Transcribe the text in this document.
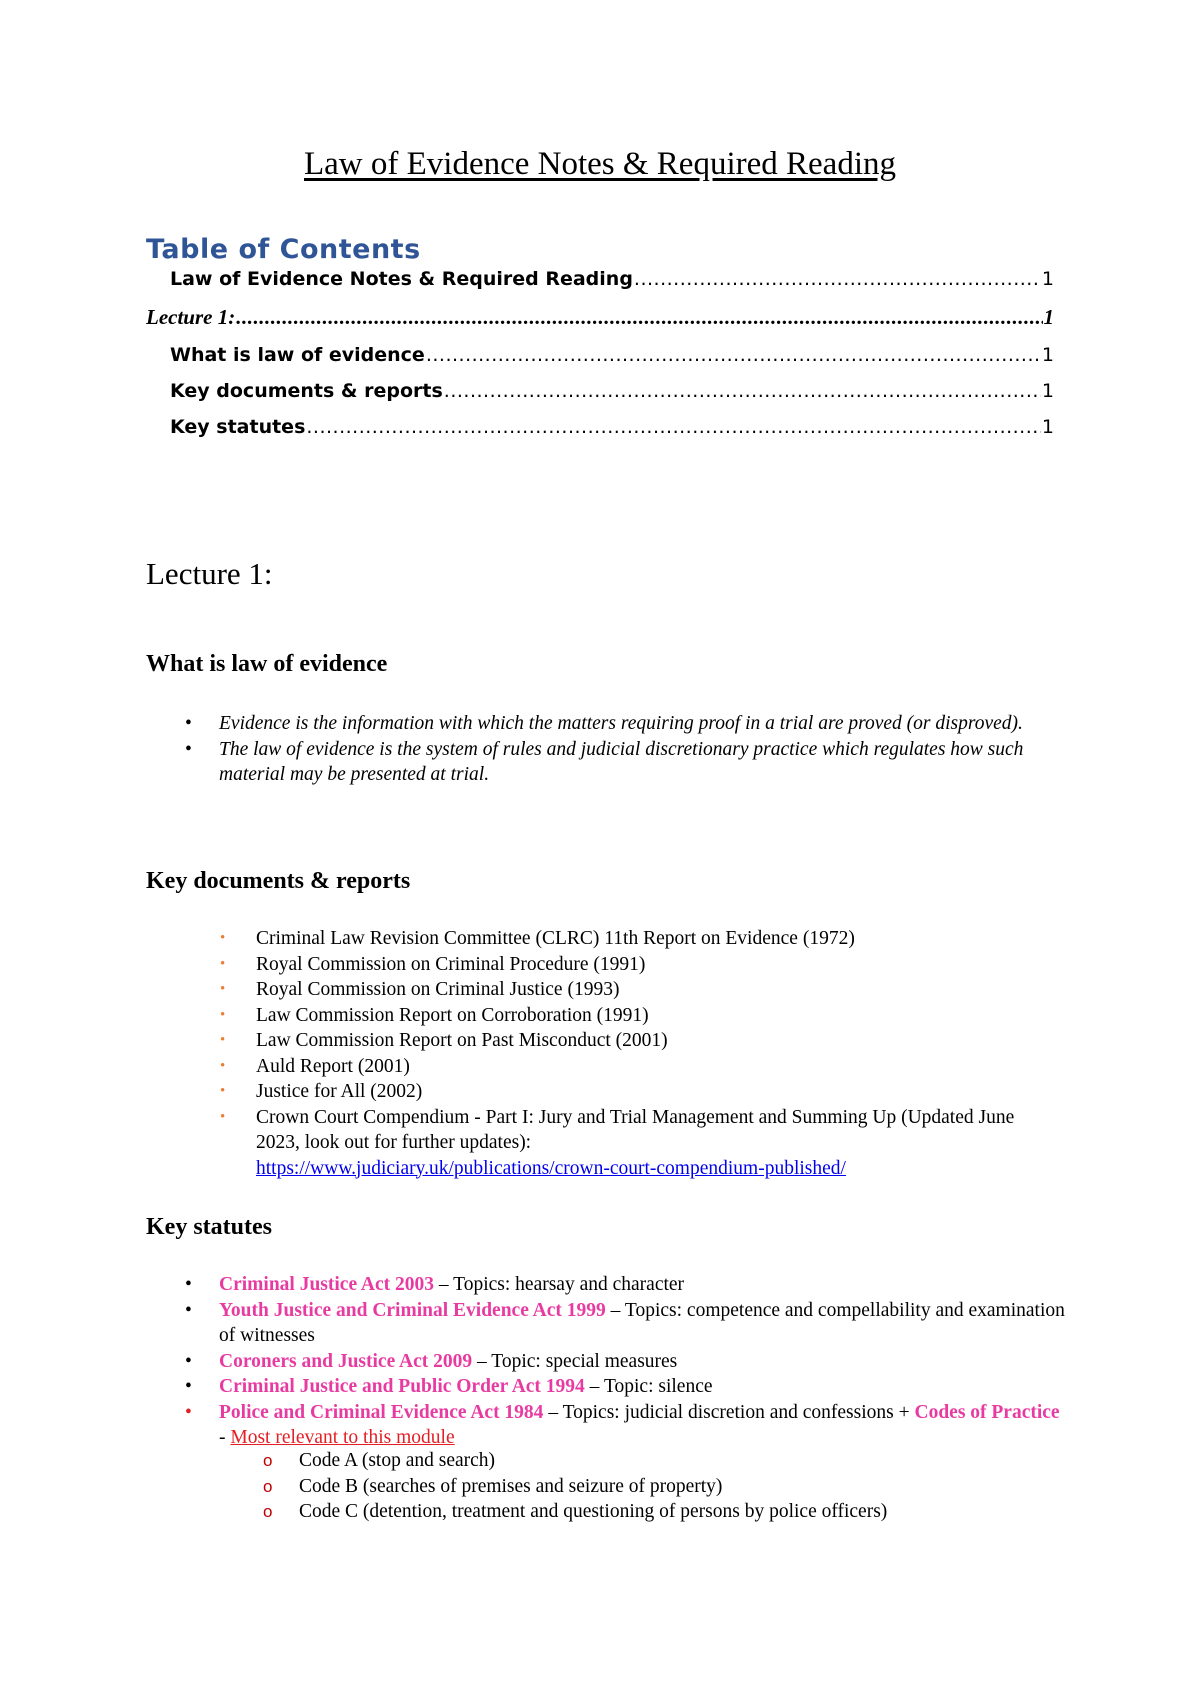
Law of Evidence Notes & Required Reading
Table of Contents
Law of Evidence Notes & Required Reading .....	1
Lecture 1: .....	1
What is law of evidence .....	1
Key documents & reports .....	1
Key statutes .....	1
Lecture 1:
What is law of evidence
• Evidence is the information with which the matters requiring proof in a trial are proved (or disproved).
• The law of evidence is the system of rules and judicial discretionary practice which regulates how such material may be presented at trial.
Key documents & reports
• Criminal Law Revision Committee (CLRC) 11th Report on Evidence (1972)
• Royal Commission on Criminal Procedure (1991)
• Royal Commission on Criminal Justice (1993)
• Law Commission Report on Corroboration (1991)
• Law Commission Report on Past Misconduct (2001)
• Auld Report (2001)
• Justice for All (2002)
• Crown Court Compendium - Part I: Jury and Trial Management and Summing Up (Updated June 2023, look out for further updates):
https://www.judiciary.uk/publications/crown-court-compendium-published/
Key statutes
• Criminal Justice Act 2003 – Topics: hearsay and character
• Youth Justice and Criminal Evidence Act 1999 – Topics: competence and compellability and examination of witnesses
• Coroners and Justice Act 2009 – Topic: special measures
• Criminal Justice and Public Order Act 1994 – Topic: silence
• Police and Criminal Evidence Act 1984 – Topics: judicial discretion and confessions + Codes of Practice - Most relevant to this module
o Code A (stop and search)
o Code B (searches of premises and seizure of property)
o Code C (detention, treatment and questioning of persons by police officers)
